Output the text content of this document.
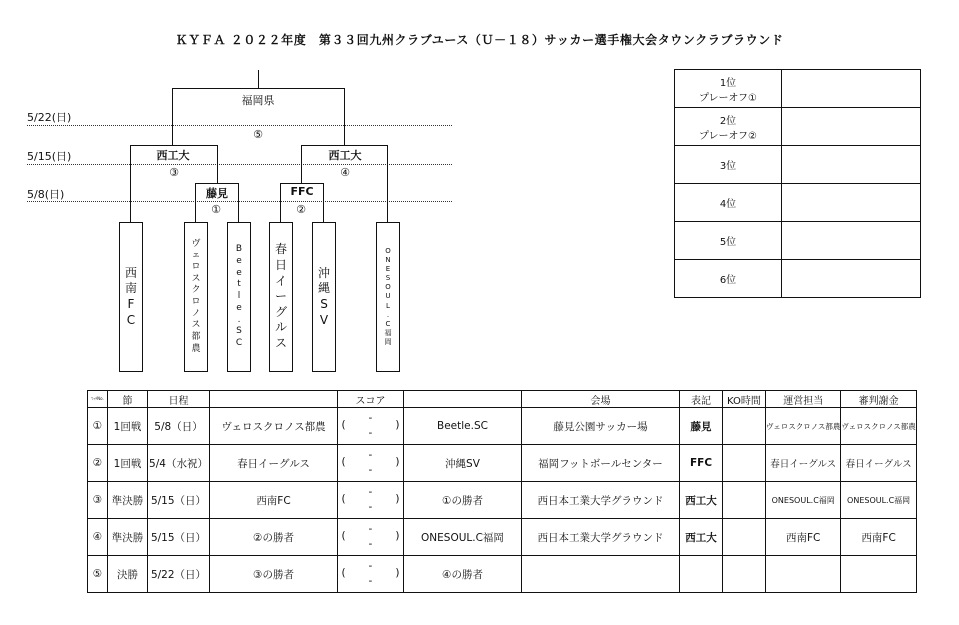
ＫＹＦＡ ２０２２年度　第３３回九州クラブユース（Ｕ－１８）サッカー選手権大会タウンクラブラウンド
5/22(日)
5/15(日)
5/8(日)
福岡県
⑤
西工大
③
西工大
④
藤見
①
FFC
②
西
南
F
C
ヴ
ェ
ロ
ス
ク
ロ
ノ
ス
都
農
B
e
e
t
l
e
.
S
C
春
日
イ
ー
グ
ル
ス
沖
縄
S
V
O
N
E
S
O
U
L
.
C
福
岡
1位
プレーオフ①	

2位
プレーオフ②	

3位	
4位	
5位	
6位	
ﾏｯﾁNo.	節	日程		スコア		会場	表記	KO時間	運営担当	審判謝金
①	1回戦	5/8（日）	ヴェロスクロノス都農	(
-
-
)	Beetle.SC	藤見公園サッカー場	藤見		ヴェロスクロノス都農	ヴェロスクロノス都農
②	1回戦	5/4（水祝）	春日イーグルス	(
-
-
)	沖縄SV	福岡フットボールセンター	FFC		春日イーグルス	春日イーグルス
③	準決勝	5/15（日）	西南FC	(
-
-
)	①の勝者	西日本工業大学グラウンド	西工大		ONESOUL.C福岡	ONESOUL.C福岡
④	準決勝	5/15（日）	②の勝者	(
-
-
)	ONESOUL.C福岡	西日本工業大学グラウンド	西工大		西南FC	西南FC
⑤	決勝	5/22（日）	③の勝者	(
-
-
)	④の勝者					
